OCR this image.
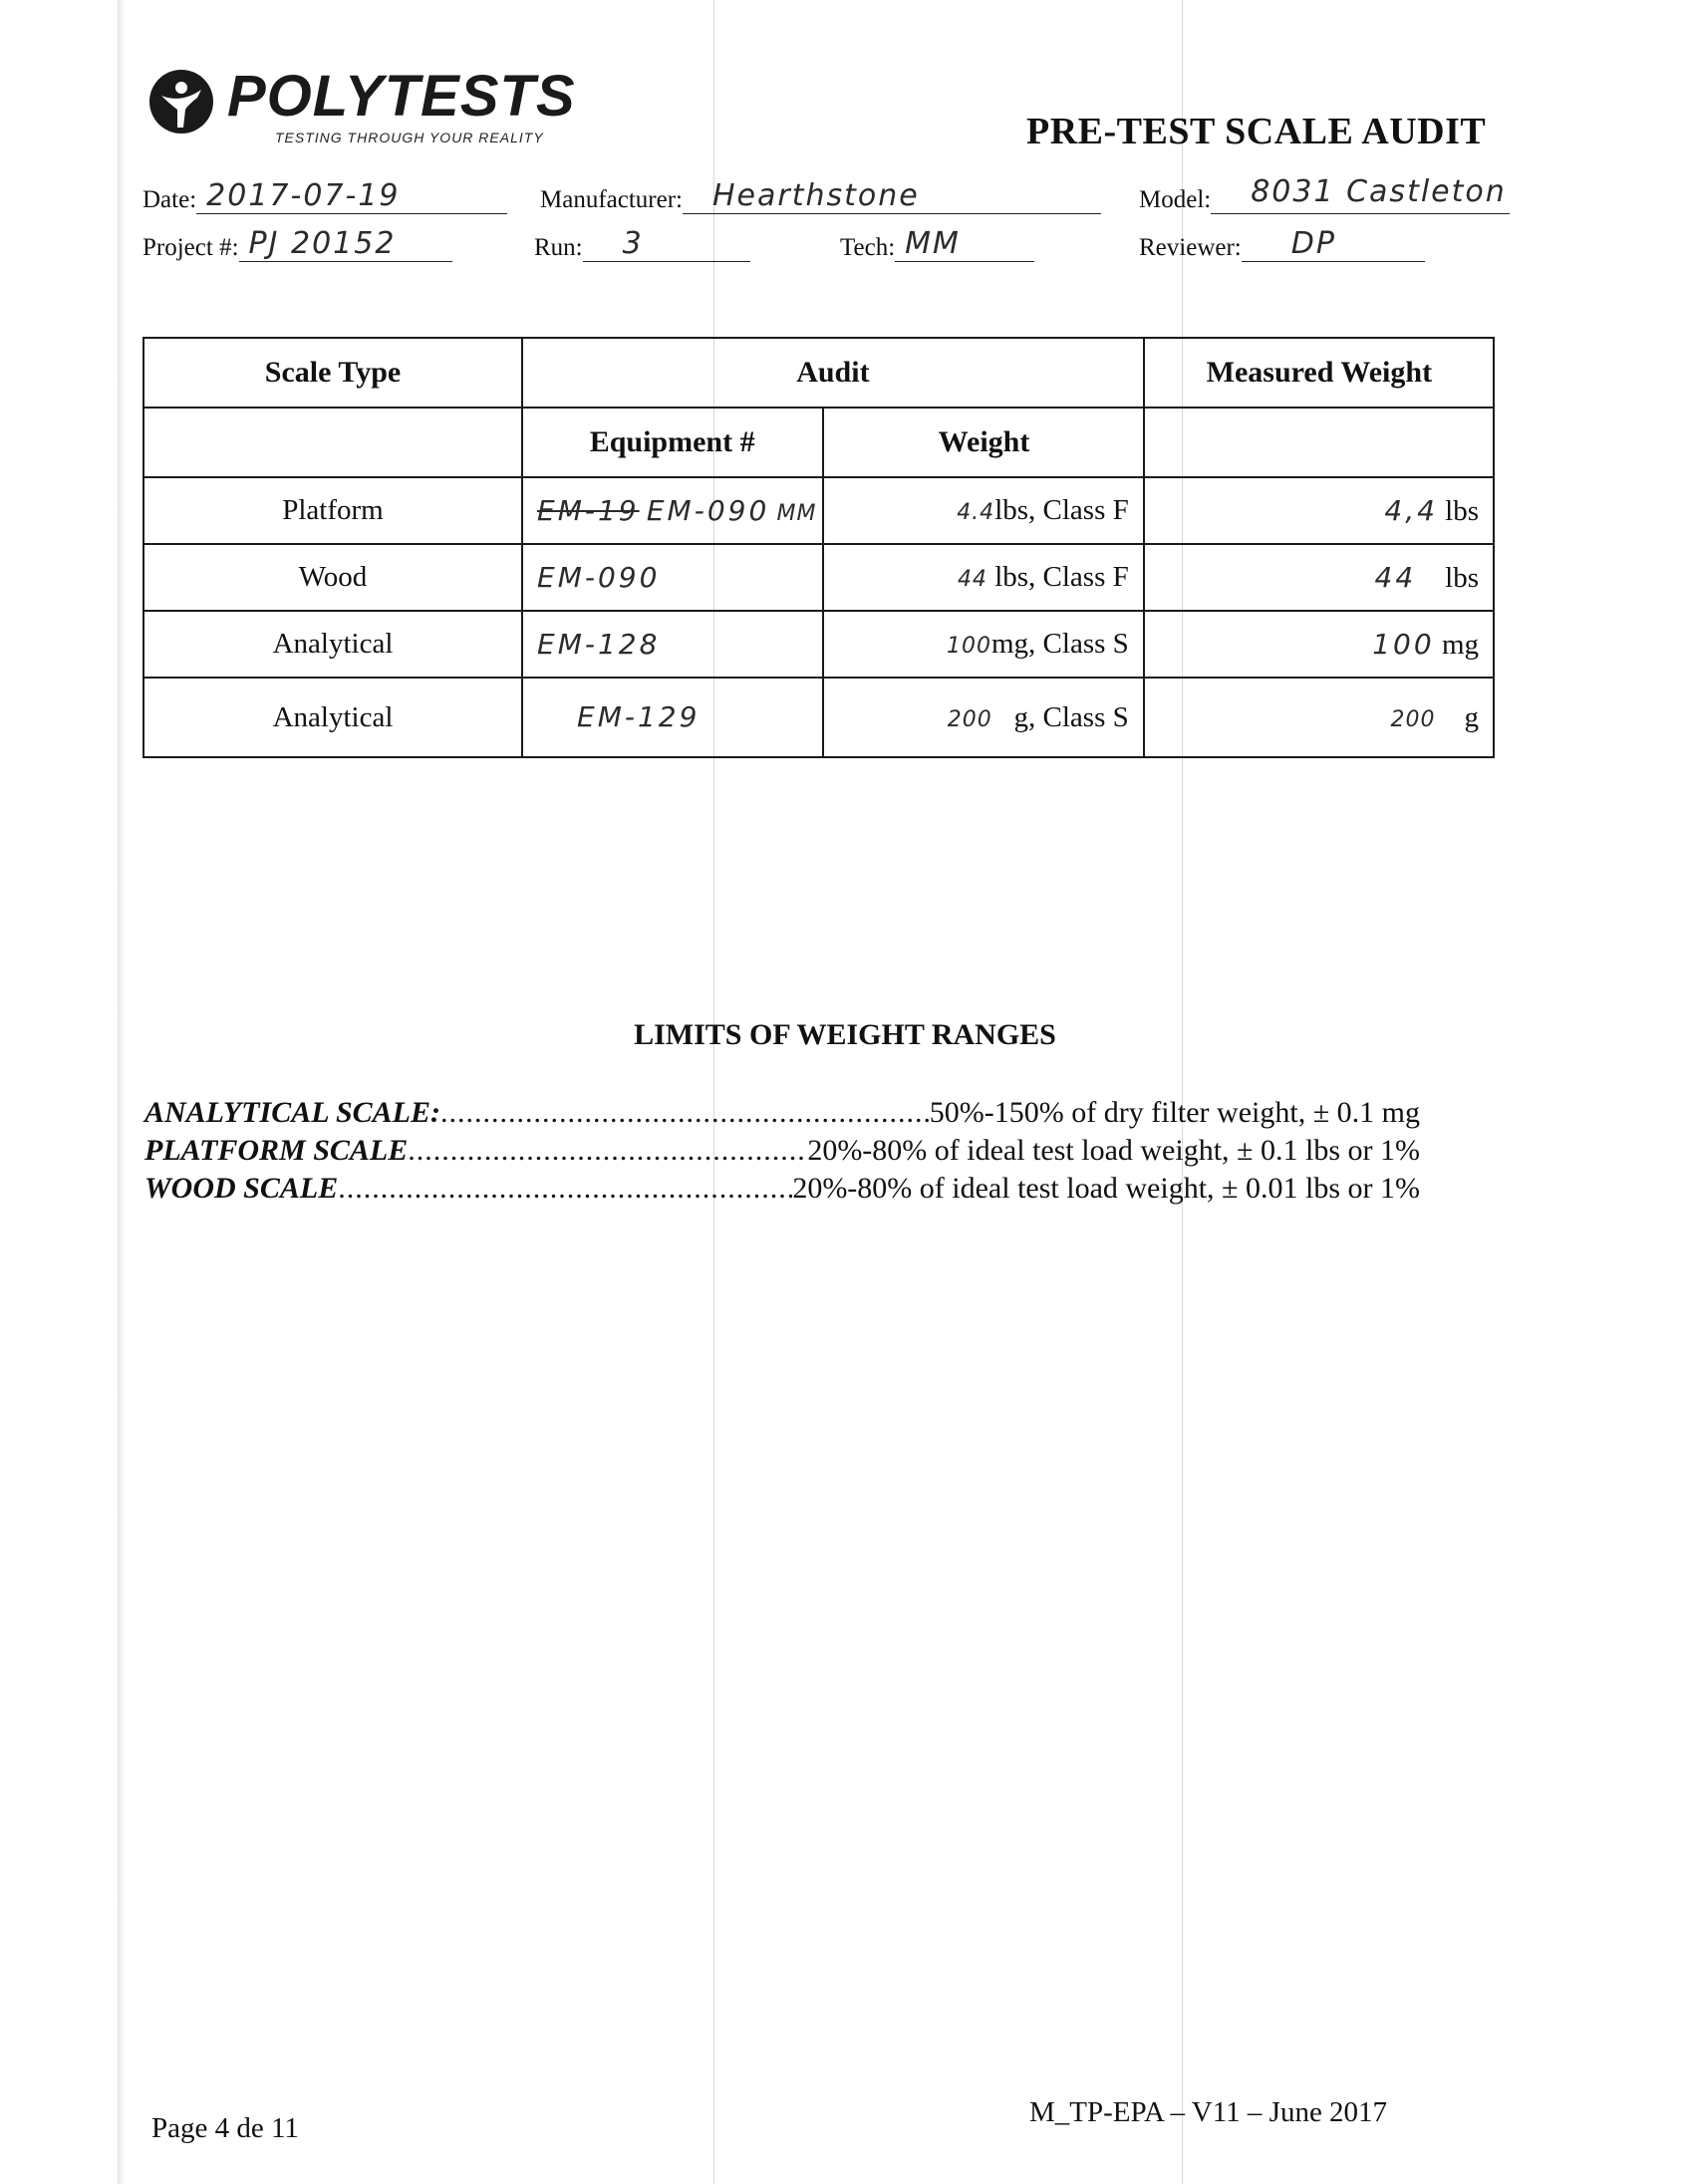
POLYTESTS
TESTING THROUGH YOUR REALITY	PRE-TEST SCALE AUDIT
Date: 2017-07-19	Manufacturer: Hearthstone	Model: 8031 Castleton
Project #: PJ 20152	Run: 3	Tech: MM	Reviewer: DP
Scale Type	Audit		Measured Weight
	Equipment #	Weight	
Platform	EM-19 EM-090 MM	4.4lbs, Class F	4,4 lbs
Wood	EM-090	44 lbs, Class F	44 lbs
Analytical	EM-128	100mg, Class S	100 mg
Analytical	EM-129	200 g, Class S	200 g
LIMITS OF WEIGHT RANGES
ANALYTICAL SCALE: .....	50%-150% of dry filter weight, ± 0.1 mg
PLATFORM SCALE .....	20%-80% of ideal test load weight, ± 0.1 lbs or 1%
WOOD SCALE .....	20%-80% of ideal test load weight, ± 0.01 lbs or 1%
Page 4 de 11	M_TP-EPA – V11 – June 2017
